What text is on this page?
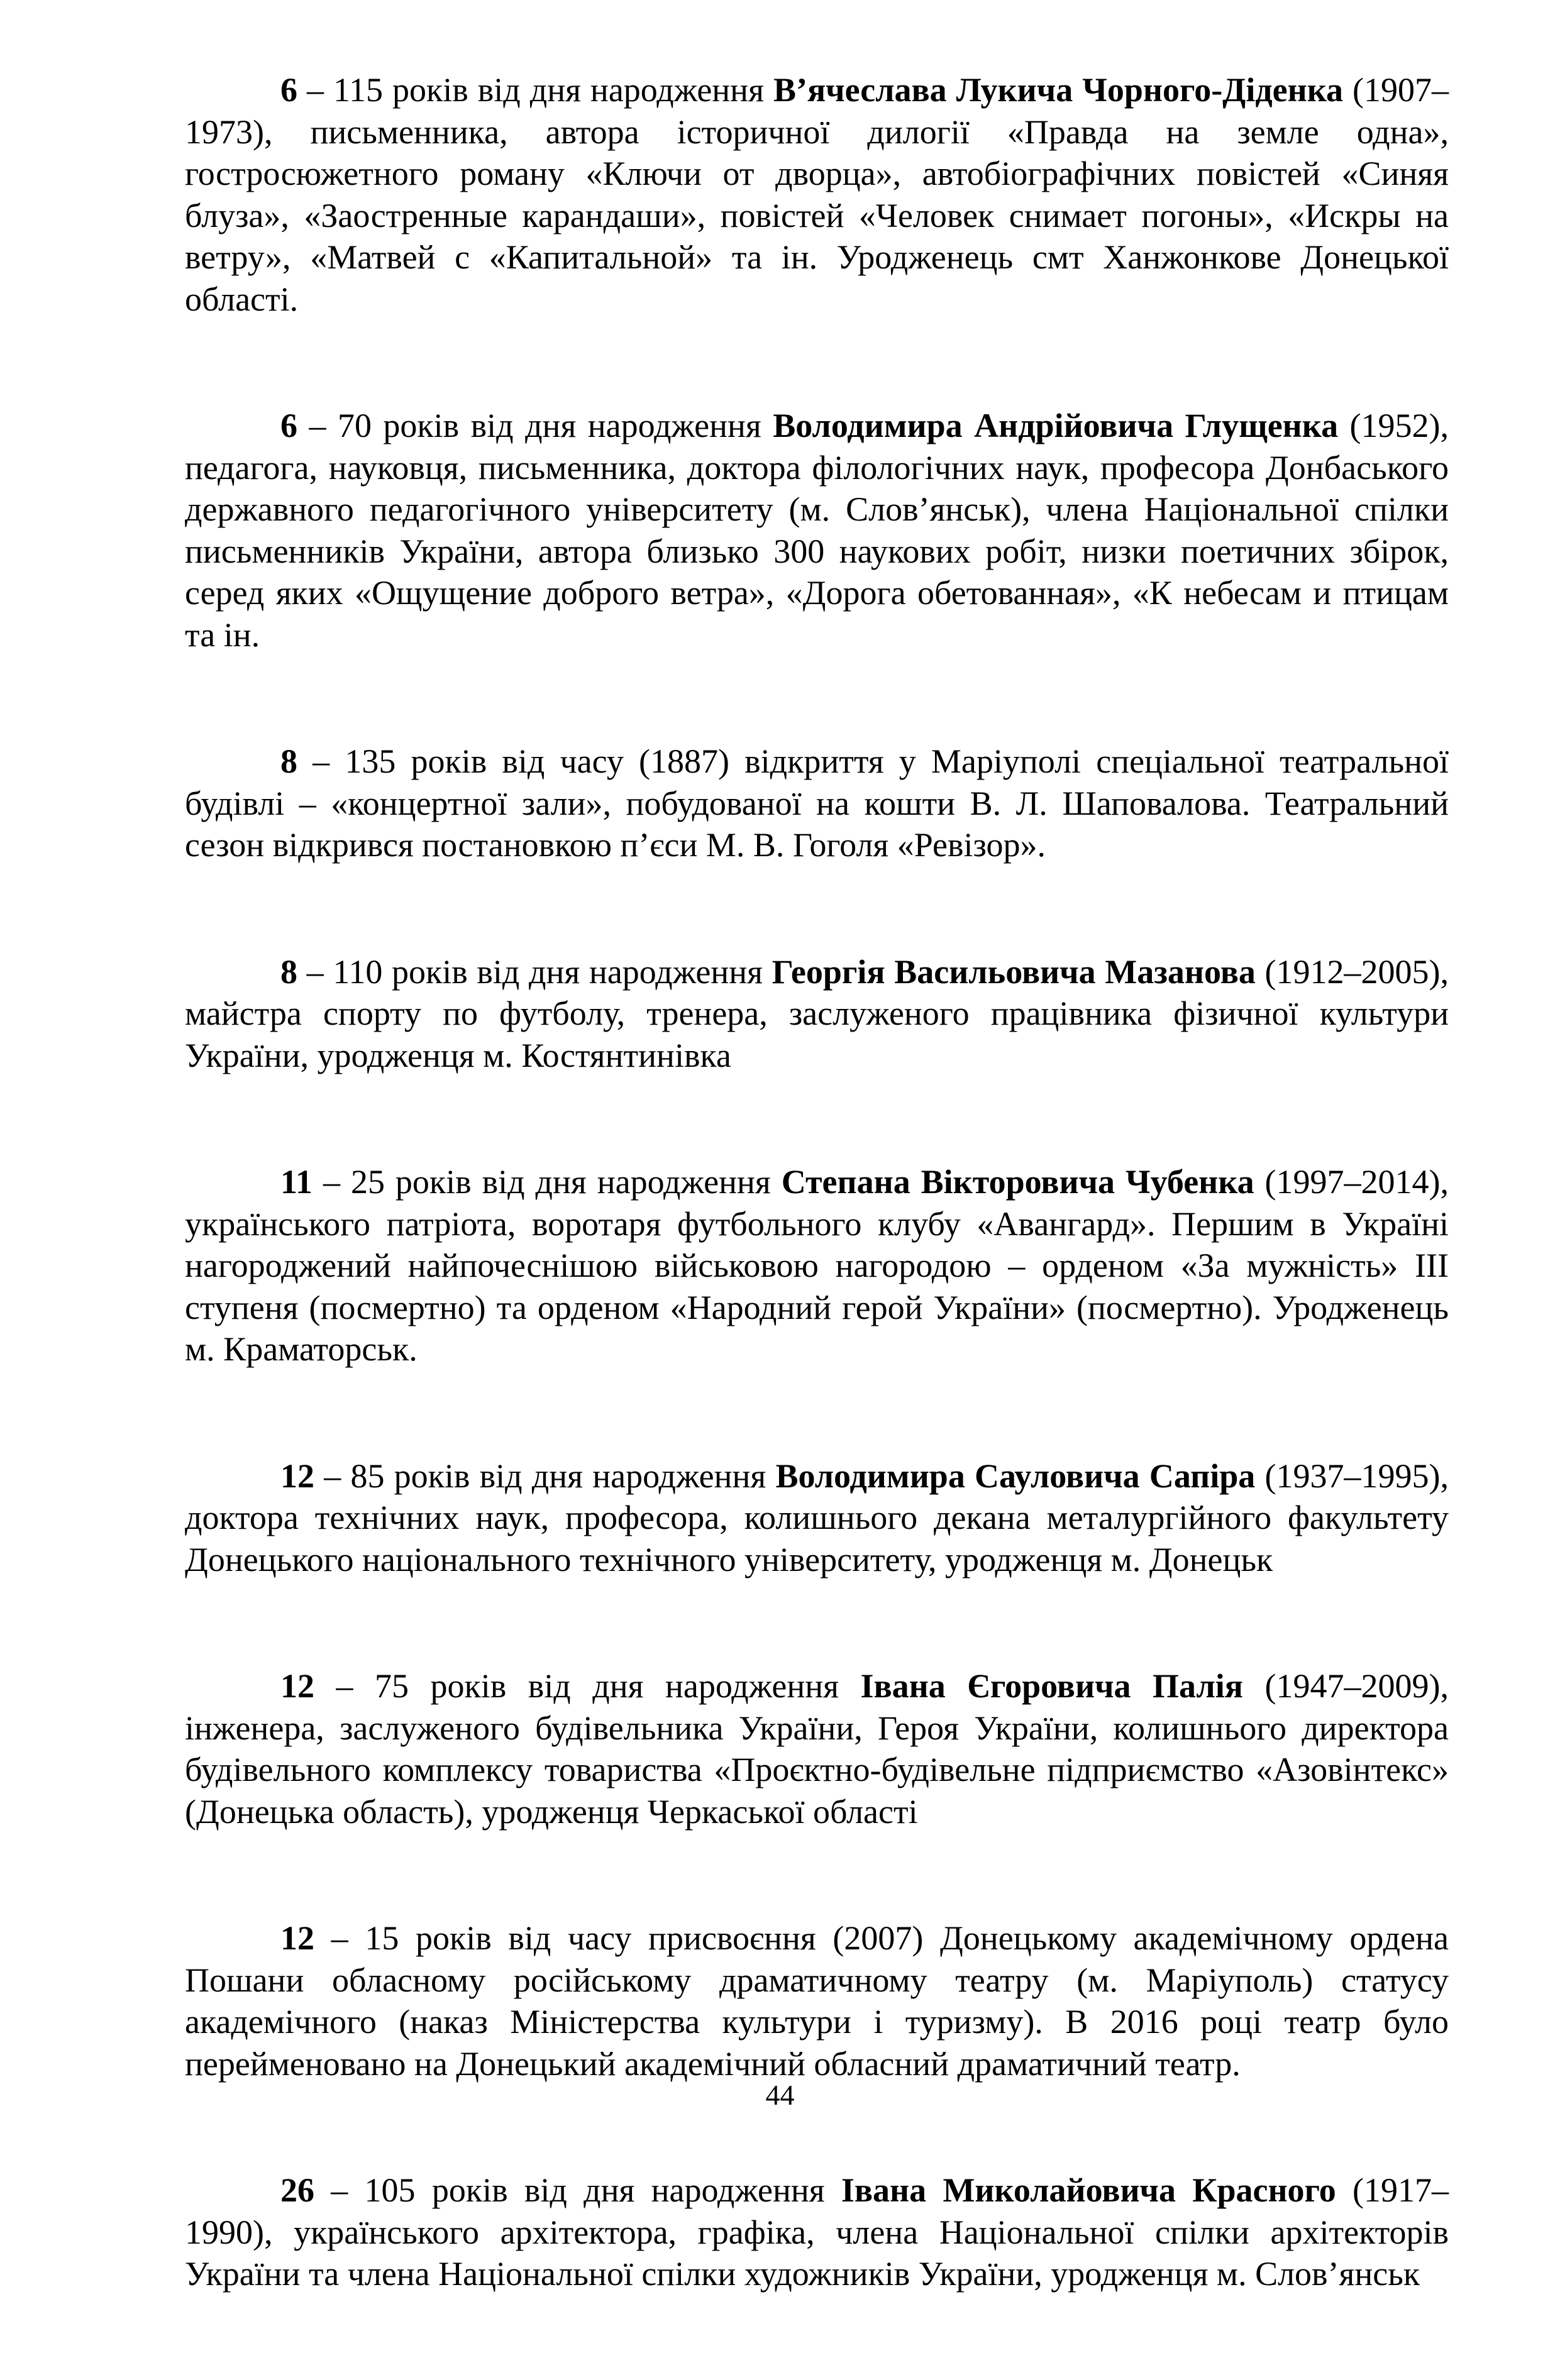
6 – 115 років від дня народження В’ячеслава Лукича Чорного-Діденка (1907–1973), письменника, автора історичної дилогії «Правда на земле одна», гостросюжетного роману «Ключи от дворца», автобіографічних повістей «Синяя блуза», «Заостренные карандаши», повістей «Человек снимает погоны», «Искры на ветру», «Матвей с «Капитальной» та ін. Уродженець смт Ханжонкове Донецької області.

6 – 70 років від дня народження Володимира Андрійовича Глущенка (1952), педагога, науковця, письменника, доктора філологічних наук, професора Донбаського державного педагогічного університету (м. Слов’янськ), члена Національної спілки письменників України, автора близько 300 наукових робіт, низки поетичних збірок, серед яких «Ощущение доброго ветра», «Дорога обетованная», «К небесам и птицам та ін.

8 – 135 років від часу (1887) відкриття у Маріуполі спеціальної театральної будівлі – «концертної зали», побудованої на кошти В. Л. Шаповалова. Театральний сезон відкрився постановкою п’єси М. В. Гоголя «Ревізор».

8 – 110 років від дня народження Георгія Васильовича Мазанова (1912–2005), майстра спорту по футболу, тренера, заслуженого працівника фізичної культури України, уродженця м. Костянтинівка

11 – 25 років від дня народження Степана Вікторовича Чубенка (1997–2014), українського патріота, воротаря футбольного клубу «Авангард». Першим в Україні нагороджений найпочеснішою військовою нагородою – орденом «За мужність» III ступеня (посмертно) та орденом «Народний герой України» (посмертно). Уродженець м. Краматорськ.

12 – 85 років від дня народження Володимира Сауловича Сапіра (1937–1995), доктора технічних наук, професора, колишнього декана металургійного факультету Донецького національного технічного університету, уродженця м. Донецьк

12 – 75 років від дня народження Івана Єгоровича Палія (1947–2009), інженера, заслуженого будівельника України, Героя України, колишнього директора будівельного комплексу товариства «Проєктно-будівельне підприємство «Азовінтекс» (Донецька область), уродженця Черкаської області

12 – 15 років від часу присвоєння (2007) Донецькому академічному ордена Пошани обласному російському драматичному театру (м. Маріуполь) статусу академічного (наказ Міністерства культури і туризму). В 2016 році театр було перейменовано на Донецький академічний обласний драматичний театр.

26 – 105 років від дня народження Івана Миколайовича Красного (1917–1990), українського архітектора, графіка, члена Національної спілки архітекторів України та члена Національної спілки художників України, уродженця м. Слов’янськ

44
